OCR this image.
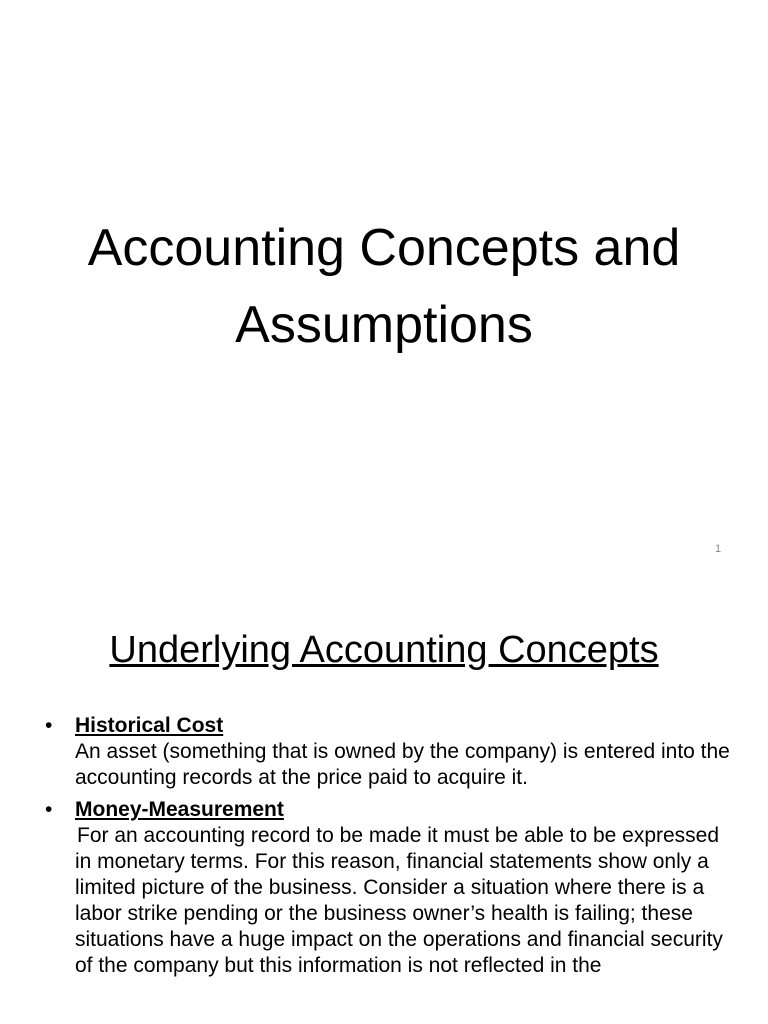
Accounting Concepts and
Assumptions
1
Underlying Accounting Concepts
•	Historical Cost
An asset (something that is owned by the company) is entered into the accounting records at the price paid to acquire it.
•	Money-Measurement
For an accounting record to be made it must be able to be expressed in monetary terms. For this reason, financial statements show only a limited picture of the business. Consider a situation where there is a labor strike pending or the business owner’s health is failing; these situations have a huge impact on the operations and financial security of the company but this information is not reflected in the
